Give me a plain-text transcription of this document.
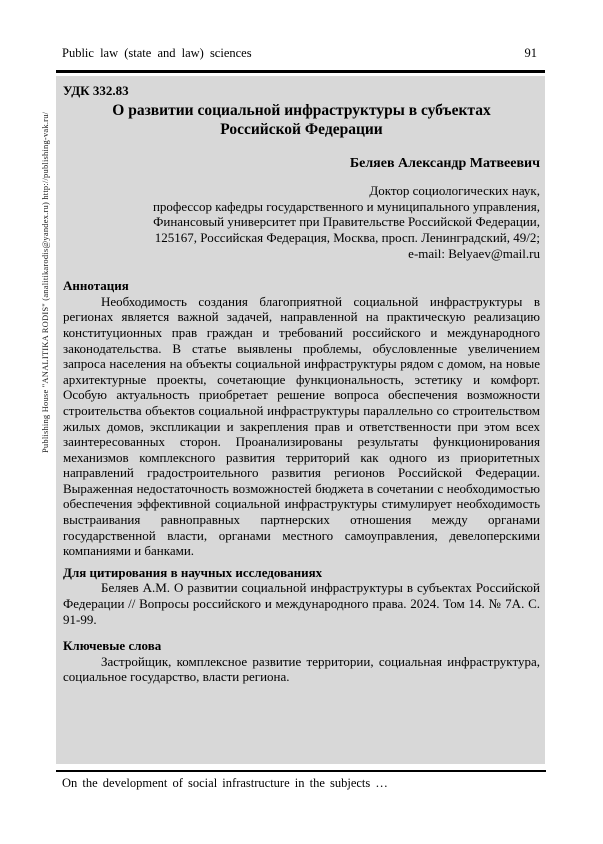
Publishing House "ANALITIKA RODIS" (analitikarodis@yandex.ru) http://publishing-vak.ru/
Public law (state and law) sciences	91
УДК 332.83
О развитии социальной инфраструктуры в субъектах Российской Федерации
Беляев Александр Матвеевич
Доктор социологических наук,
профессор кафедры государственного и муниципального управления,
Финансовый университет при Правительстве Российской Федерации,
125167, Российская Федерация, Москва, просп. Ленинградский, 49/2;
e-mail: Belyaev@mail.ru
Аннотация

Необходимость создания благоприятной социальной инфраструктуры в регионах является важной задачей, направленной на практическую реализацию конституционных прав граждан и требований российского и международного законодательства. В статье выявлены проблемы, обусловленные увеличением запроса населения на объекты социальной инфраструктуры рядом с домом, на новые архитектурные проекты, сочетающие функциональность, эстетику и комфорт. Особую актуальность приобретает решение вопроса обеспечения возможности строительства объектов социальной инфраструктуры параллельно со строительством жилых домов, экспликации и закрепления прав и ответственности при этом всех заинтересованных сторон. Проанализированы результаты функционирования механизмов комплексного развития территорий как одного из приоритетных направлений градостроительного развития регионов Российской Федерации. Выраженная недостаточность возможностей бюджета в сочетании с необходимостью обеспечения эффективной социальной инфраструктуры стимулирует необходимость выстраивания равноправных партнерских отношения между органами государственной власти, органами местного самоуправления, девелоперскими компаниями и банками.

Для цитирования в научных исследованиях

Беляев А.М. О развитии социальной инфраструктуры в субъектах Российской Федерации // Вопросы российского и международного права. 2024. Том 14. № 7А. С. 91-99.

Ключевые слова

Застройщик, комплексное развитие территории, социальная инфраструктура, социальное государство, власти региона.

On the development of social infrastructure in the subjects …
